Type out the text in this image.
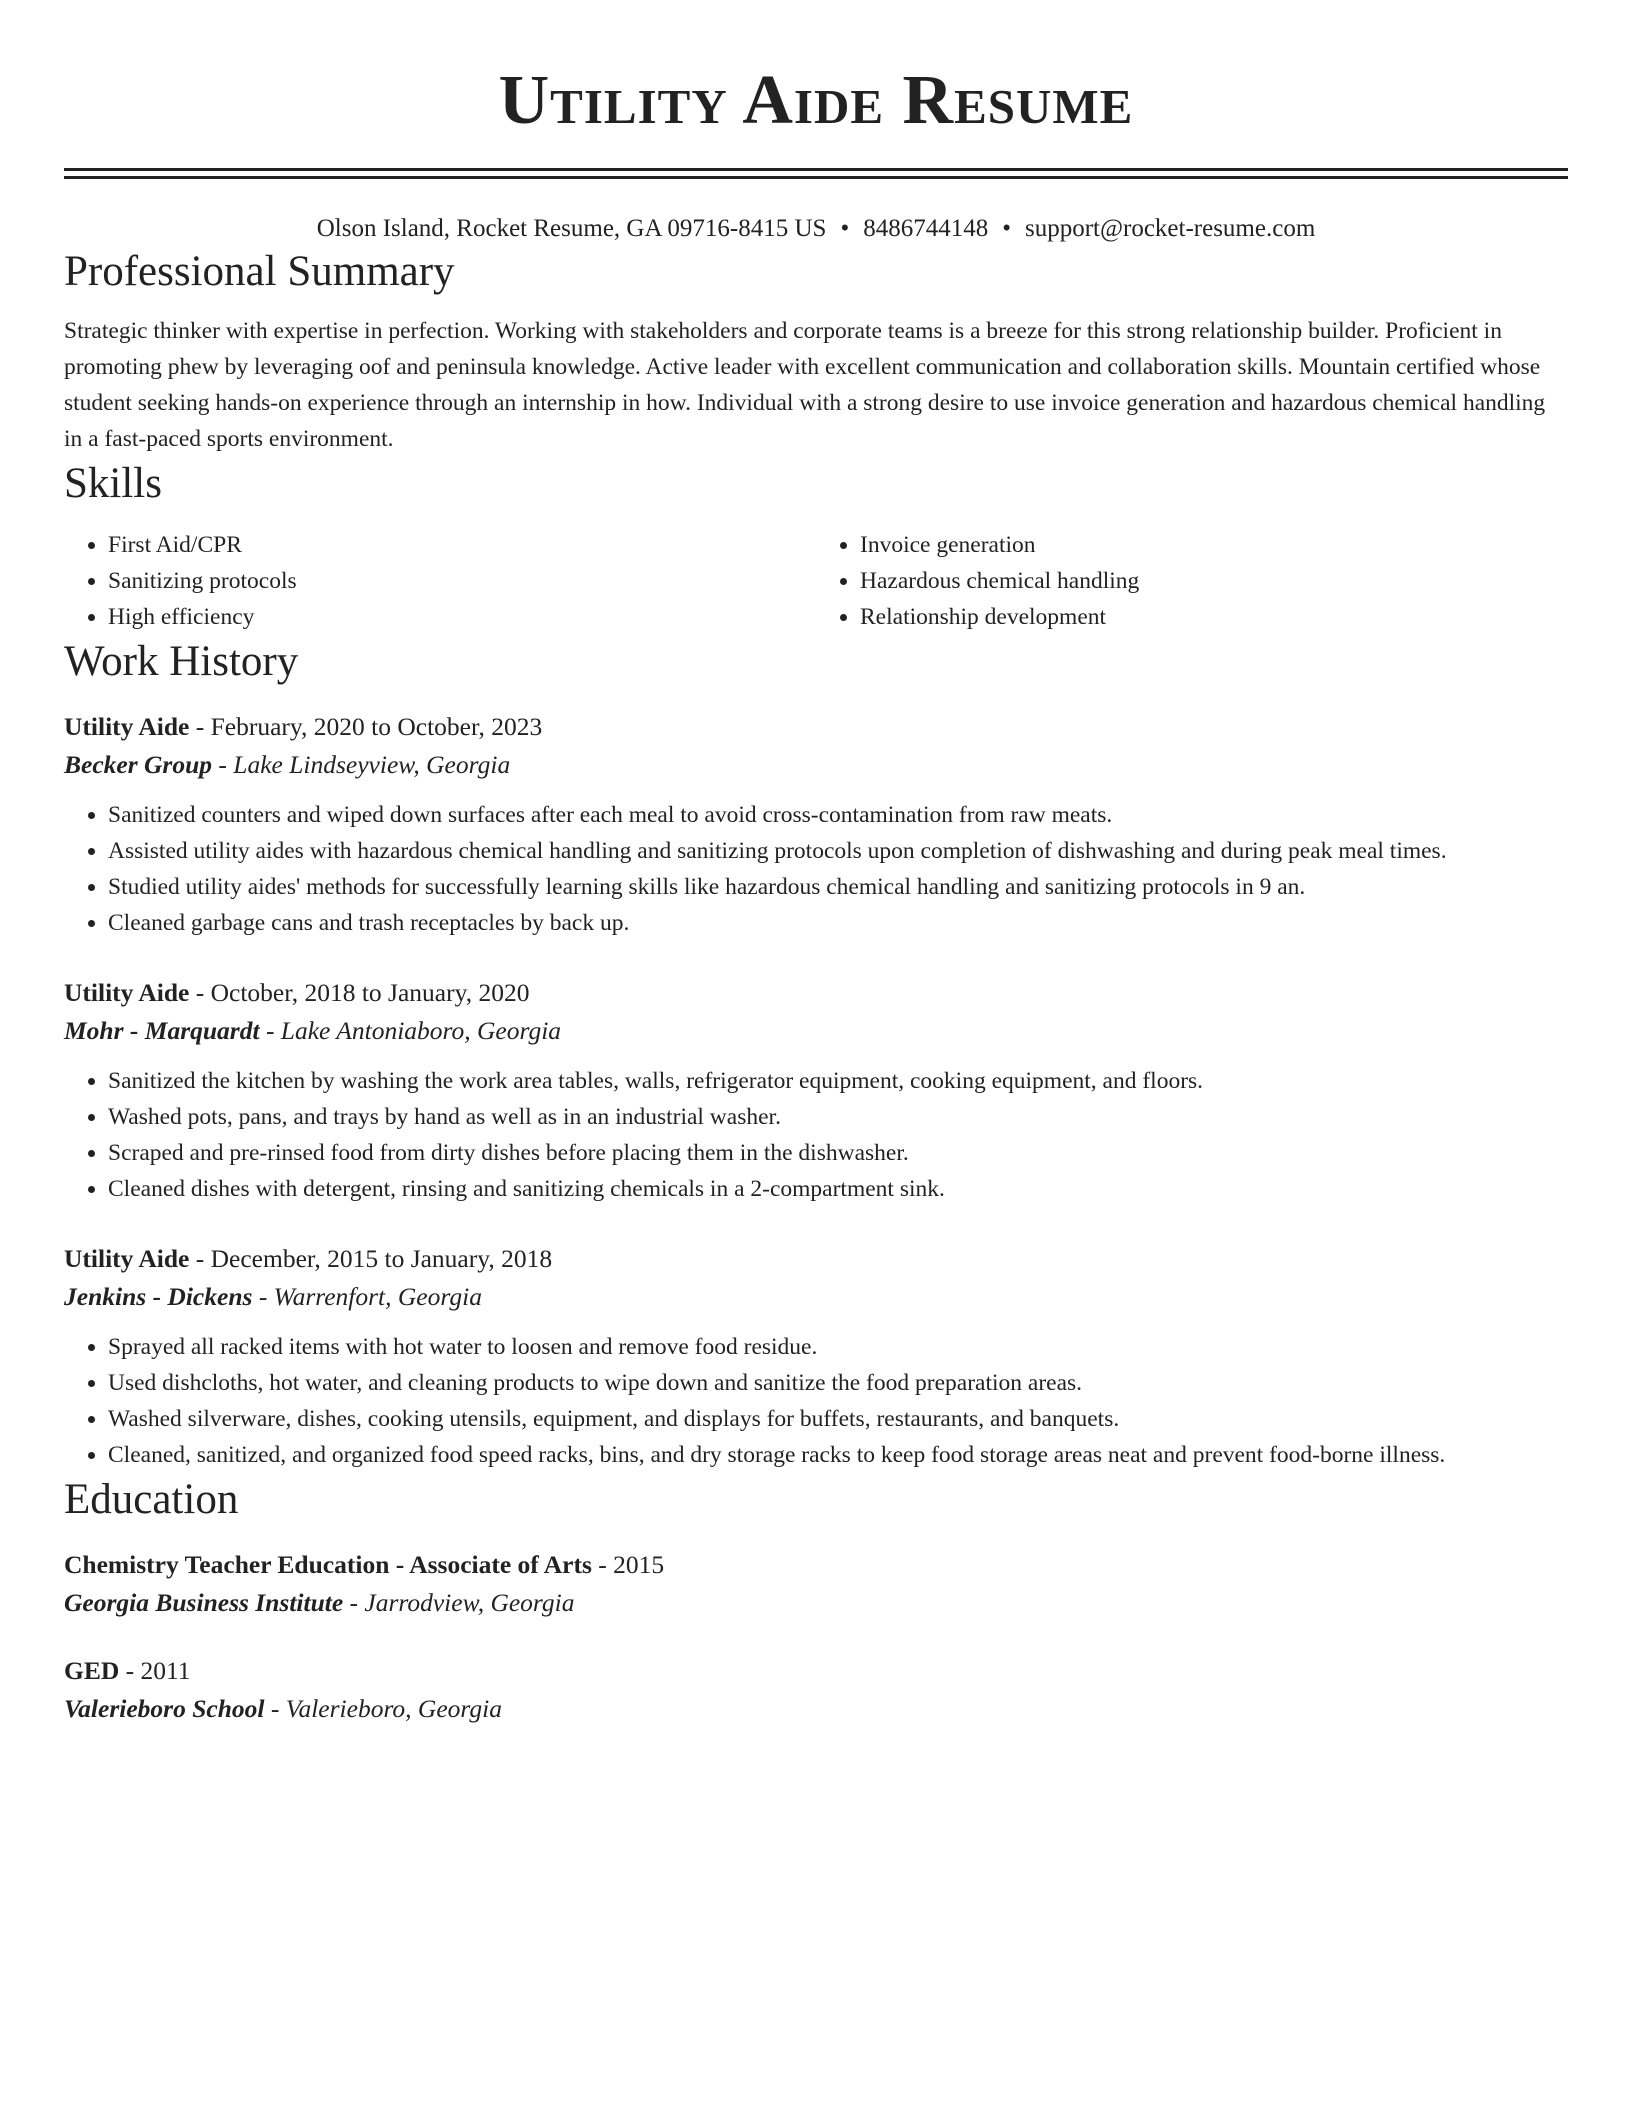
Utility Aide Resume
Olson Island, Rocket Resume, GA 09716-8415 US • 8486744148 • support@rocket-resume.com
Professional Summary
Strategic thinker with expertise in perfection. Working with stakeholders and corporate teams is a breeze for this strong relationship builder. Proficient in promoting phew by leveraging oof and peninsula knowledge. Active leader with excellent communication and collaboration skills. Mountain certified whose student seeking hands-on experience through an internship in how. Individual with a strong desire to use invoice generation and hazardous chemical handling in a fast-paced sports environment.
Skills
• First Aid/CPR
• Sanitizing protocols
• High efficiency
• Invoice generation
• Hazardous chemical handling
• Relationship development
Work History
Utility Aide - February, 2020 to October, 2023
Becker Group - Lake Lindseyview, Georgia
• Sanitized counters and wiped down surfaces after each meal to avoid cross-contamination from raw meats.
• Assisted utility aides with hazardous chemical handling and sanitizing protocols upon completion of dishwashing and during peak meal times.
• Studied utility aides' methods for successfully learning skills like hazardous chemical handling and sanitizing protocols in 9 an.
• Cleaned garbage cans and trash receptacles by back up.
Utility Aide - October, 2018 to January, 2020
Mohr - Marquardt - Lake Antoniaboro, Georgia
• Sanitized the kitchen by washing the work area tables, walls, refrigerator equipment, cooking equipment, and floors.
• Washed pots, pans, and trays by hand as well as in an industrial washer.
• Scraped and pre-rinsed food from dirty dishes before placing them in the dishwasher.
• Cleaned dishes with detergent, rinsing and sanitizing chemicals in a 2-compartment sink.
Utility Aide - December, 2015 to January, 2018
Jenkins - Dickens - Warrenfort, Georgia
• Sprayed all racked items with hot water to loosen and remove food residue.
• Used dishcloths, hot water, and cleaning products to wipe down and sanitize the food preparation areas.
• Washed silverware, dishes, cooking utensils, equipment, and displays for buffets, restaurants, and banquets.
• Cleaned, sanitized, and organized food speed racks, bins, and dry storage racks to keep food storage areas neat and prevent food-borne illness.
Education
Chemistry Teacher Education - Associate of Arts - 2015
Georgia Business Institute - Jarrodview, Georgia
GED - 2011
Valerieboro School - Valerieboro, Georgia
